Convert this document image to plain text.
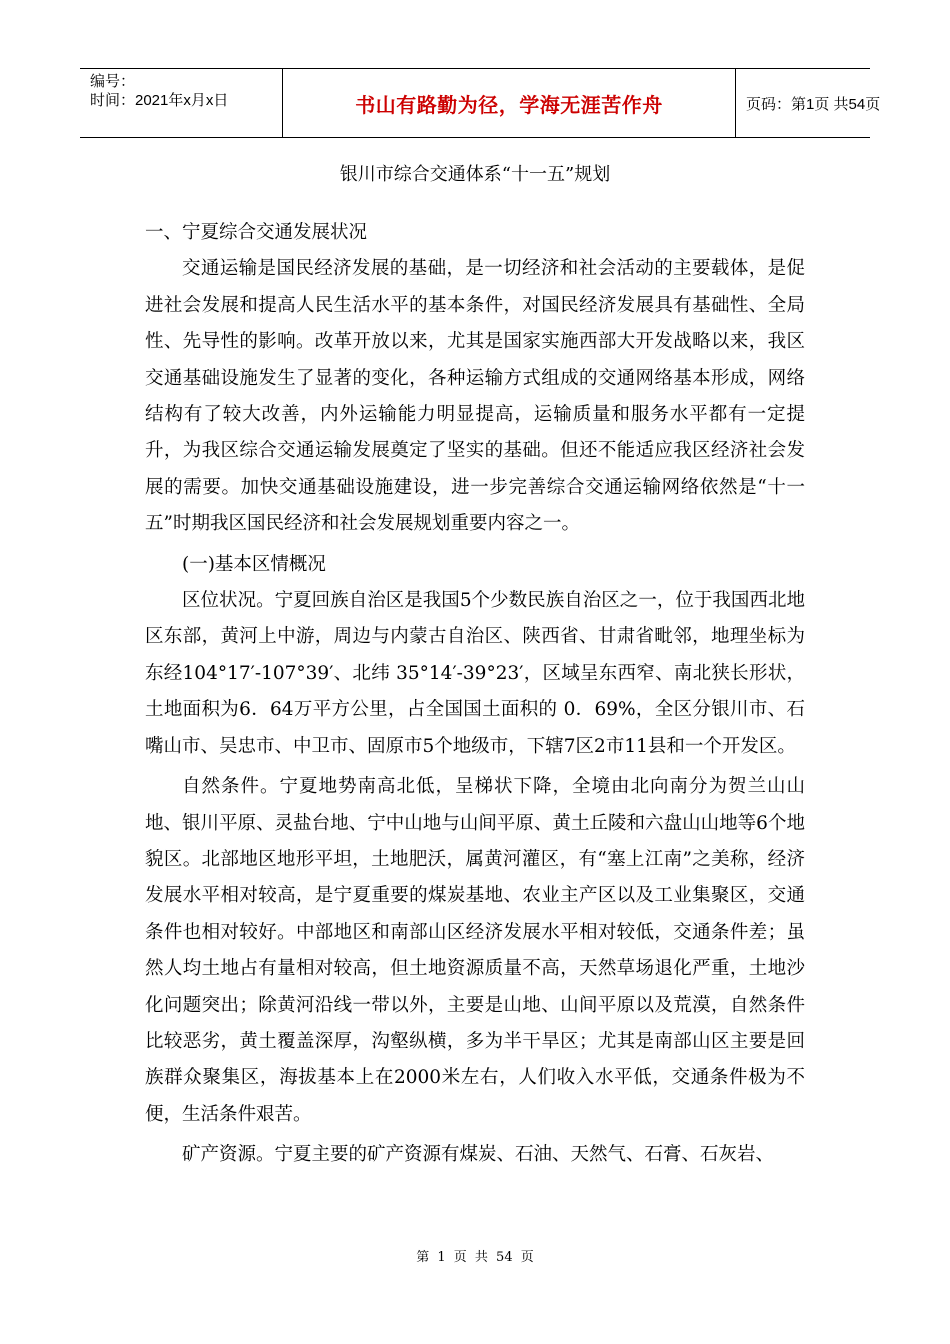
编号：
时间：2021年x月x日	书山有路勤为径，学海无涯苦作舟	页码：第1页 共54页
银川市综合交通体系“十一五”规划

一、宁夏综合交通发展状况

交通运输是国民经济发展的基础，是一切经济和社会活动的主要载体，是促进社会发展和提高人民生活水平的基本条件，对国民经济发展具有基础性、全局性、先导性的影响。改革开放以来，尤其是国家实施西部大开发战略以来，我区交通基础设施发生了显著的变化，各种运输方式组成的交通网络基本形成，网络结构有了较大改善，内外运输能力明显提高，运输质量和服务水平都有一定提升，为我区综合交通运输发展奠定了坚实的基础。但还不能适应我区经济社会发展的需要。加快交通基础设施建设，进一步完善综合交通运输网络依然是“十一五”时期我区国民经济和社会发展规划重要内容之一。

(一)基本区情概况

区位状况。宁夏回族自治区是我国5个少数民族自治区之一，位于我国西北地区东部，黄河上中游，周边与内蒙古自治区、陕西省、甘肃省毗邻，地理坐标为东经104°17′-107°39′、北纬 35°14′-39°23′，区域呈东西窄、南北狭长形状，土地面积为6．64万平方公里，占全国国土面积的 0．69%，全区分银川市、石嘴山市、吴忠市、中卫市、固原市5个地级市，下辖7区2市11县和一个开发区。

自然条件。宁夏地势南高北低，呈梯状下降，全境由北向南分为贺兰山山地、银川平原、灵盐台地、宁中山地与山间平原、黄土丘陵和六盘山山地等6个地貌区。北部地区地形平坦，土地肥沃，属黄河灌区，有“塞上江南”之美称，经济发展水平相对较高，是宁夏重要的煤炭基地、农业主产区以及工业集聚区，交通条件也相对较好。中部地区和南部山区经济发展水平相对较低，交通条件差；虽然人均土地占有量相对较高，但土地资源质量不高，天然草场退化严重，土地沙化问题突出；除黄河沿线一带以外，主要是山地、山间平原以及荒漠，自然条件比较恶劣，黄土覆盖深厚，沟壑纵横，多为半干旱区；尤其是南部山区主要是回族群众聚集区，海拔基本上在2000米左右，人们收入水平低，交通条件极为不便，生活条件艰苦。

矿产资源。宁夏主要的矿产资源有煤炭、石油、天然气、石膏、石灰岩、

第 1 页 共 54 页
